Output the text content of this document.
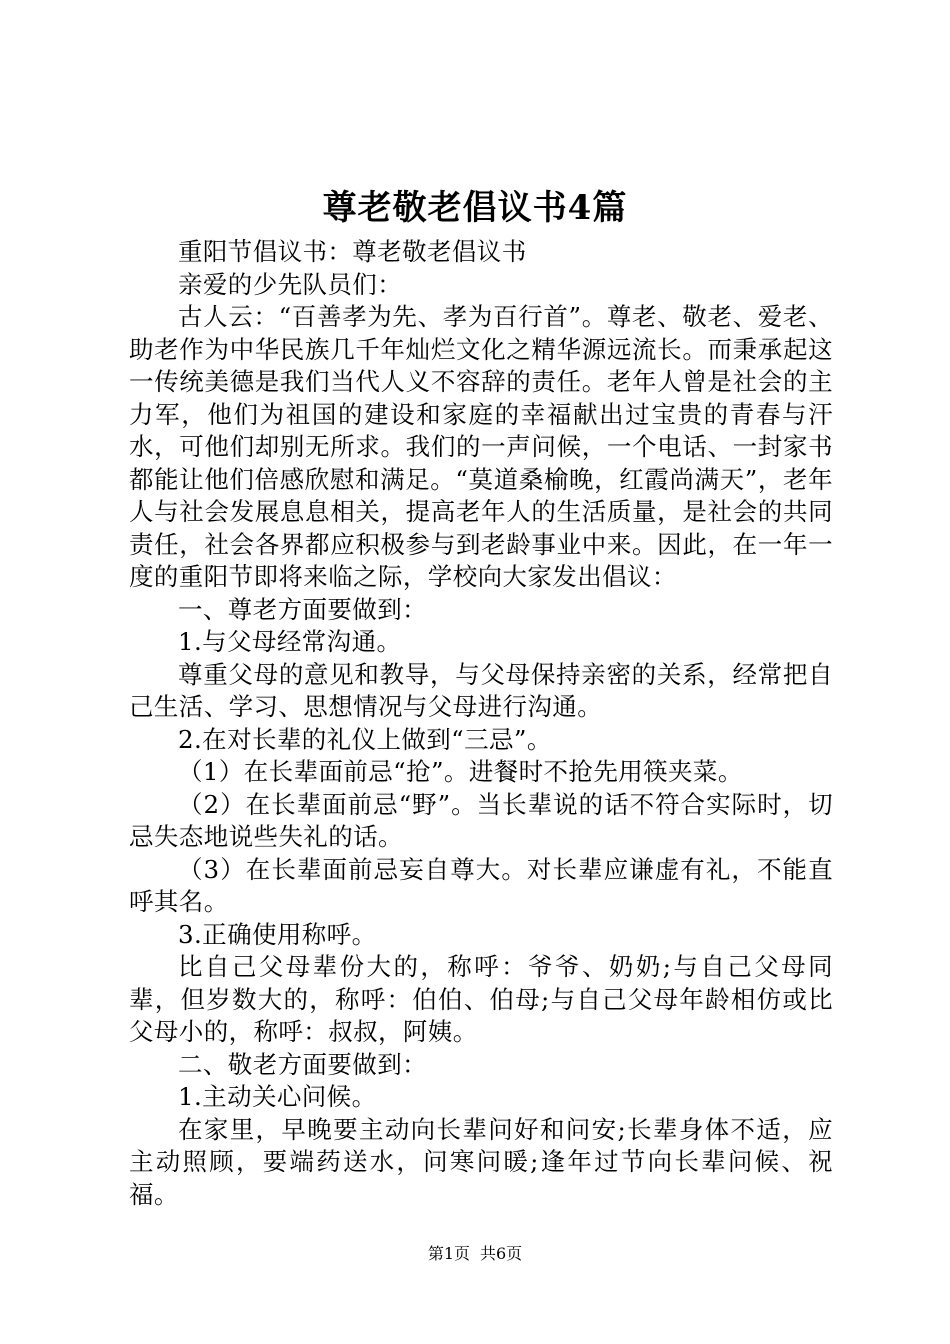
尊老敬老倡议书4篇

重阳节倡议书：尊老敬老倡议书

亲爱的少先队员们：

古人云：“百善孝为先、孝为百行首”。尊老、敬老、爱老、助老作为中华民族几千年灿烂文化之精华源远流长。而秉承起这一传统美德是我们当代人义不容辞的责任。老年人曾是社会的主力军，他们为祖国的建设和家庭的幸福献出过宝贵的青春与汗水，可他们却别无所求。我们的一声问候，一个电话、一封家书都能让他们倍感欣慰和满足。“莫道桑榆晚，红霞尚满天”，老年人与社会发展息息相关，提高老年人的生活质量，是社会的共同责任，社会各界都应积极参与到老龄事业中来。因此，在一年一度的重阳节即将来临之际，学校向大家发出倡议：

一、尊老方面要做到：

1.与父母经常沟通。

尊重父母的意见和教导，与父母保持亲密的关系，经常把自己生活、学习、思想情况与父母进行沟通。

2.在对长辈的礼仪上做到“三忌”。

（1）在长辈面前忌“抢”。进餐时不抢先用筷夹菜。

（2）在长辈面前忌“野”。当长辈说的话不符合实际时，切忌失态地说些失礼的话。

（3）在长辈面前忌妄自尊大。对长辈应谦虚有礼，不能直呼其名。

3.正确使用称呼。

比自己父母辈份大的，称呼：爷爷、奶奶;与自己父母同辈，但岁数大的，称呼：伯伯、伯母;与自己父母年龄相仿或比父母小的，称呼：叔叔，阿姨。

二、敬老方面要做到：

1.主动关心问候。

在家里，早晚要主动向长辈问好和问安;长辈身体不适，应主动照顾，要端药送水，问寒问暖;逢年过节向长辈问候、祝福。

第1页 共6页
